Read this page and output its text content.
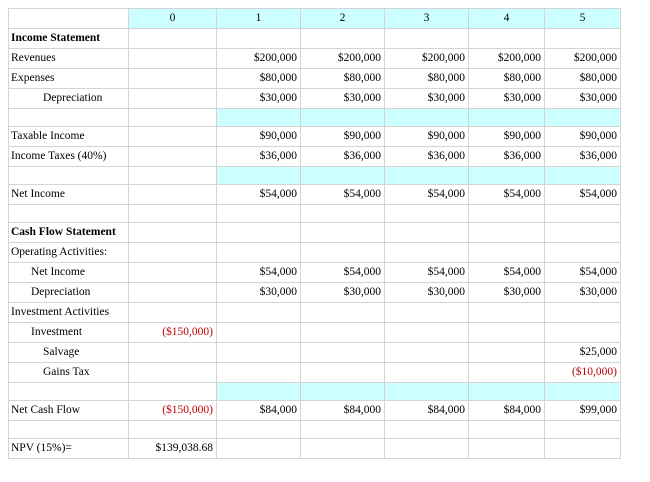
	0	1	2	3	4	5
Income Statement						
Revenues		$200,000	$200,000	$200,000	$200,000	$200,000
Expenses		$80,000	$80,000	$80,000	$80,000	$80,000
Depreciation		$30,000	$30,000	$30,000	$30,000	$30,000

Taxable Income		$90,000	$90,000	$90,000	$90,000	$90,000
Income Taxes (40%)		$36,000	$36,000	$36,000	$36,000	$36,000

Net Income		$54,000	$54,000	$54,000	$54,000	$54,000

Cash Flow Statement						
Operating Activities:						
Net Income		$54,000	$54,000	$54,000	$54,000	$54,000
Depreciation		$30,000	$30,000	$30,000	$30,000	$30,000
Investment Activities						
Investment	($150,000)					
Salvage						$25,000
Gains Tax						($10,000)

Net Cash Flow	($150,000)	$84,000	$84,000	$84,000	$84,000	$99,000

NPV (15%)=	$139,038.68					
